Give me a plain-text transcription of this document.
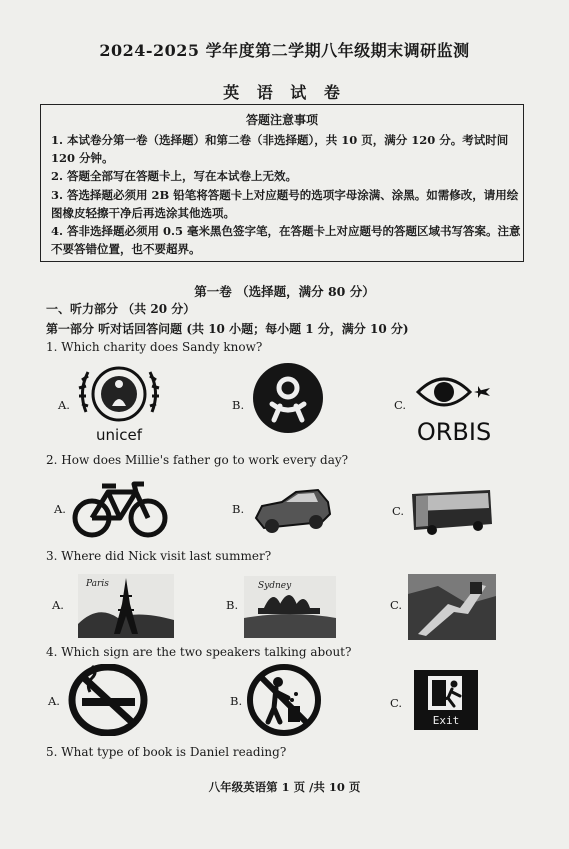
2024-2025 学年度第二学期八年级期末调研监测
英 语 试 卷
答题注意事项
1. 本试卷分第一卷（选择题）和第二卷（非选择题），共 10 页，满分 120 分。考试时间 120 分钟。
2. 答题全部写在答题卡上，写在本试卷上无效。
3. 答选择题必须用 2B 铅笔将答题卡上对应题号的选项字母涂满、涂黑。如需修改，请用绘图橡皮轻擦干净后再选涂其他选项。
4. 答非选择题必须用 0.5 毫米黑色签字笔，在答题卡上对应题号的答题区域书写答案。注意不要答错位置，也不要超界。
第一卷 （选择题，满分 80 分）
一、听力部分 （共 20 分）
第一部分 听对话回答问题 (共 10 小题；每小题 1 分，满分 10 分)
1. Which charity does Sandy know?
A.
unicef
B.	C.
ORBIS
2. How does Millie's father go to work every day?
A.	B.	C.
3. Where did Nick visit last summer?
A.
Paris
B.
Sydney
C.
4. Which sign are the two speakers talking about?
A.	B.	C.
Exit
5. What type of book is Daniel reading?
八年级英语第 1 页 /共 10 页
